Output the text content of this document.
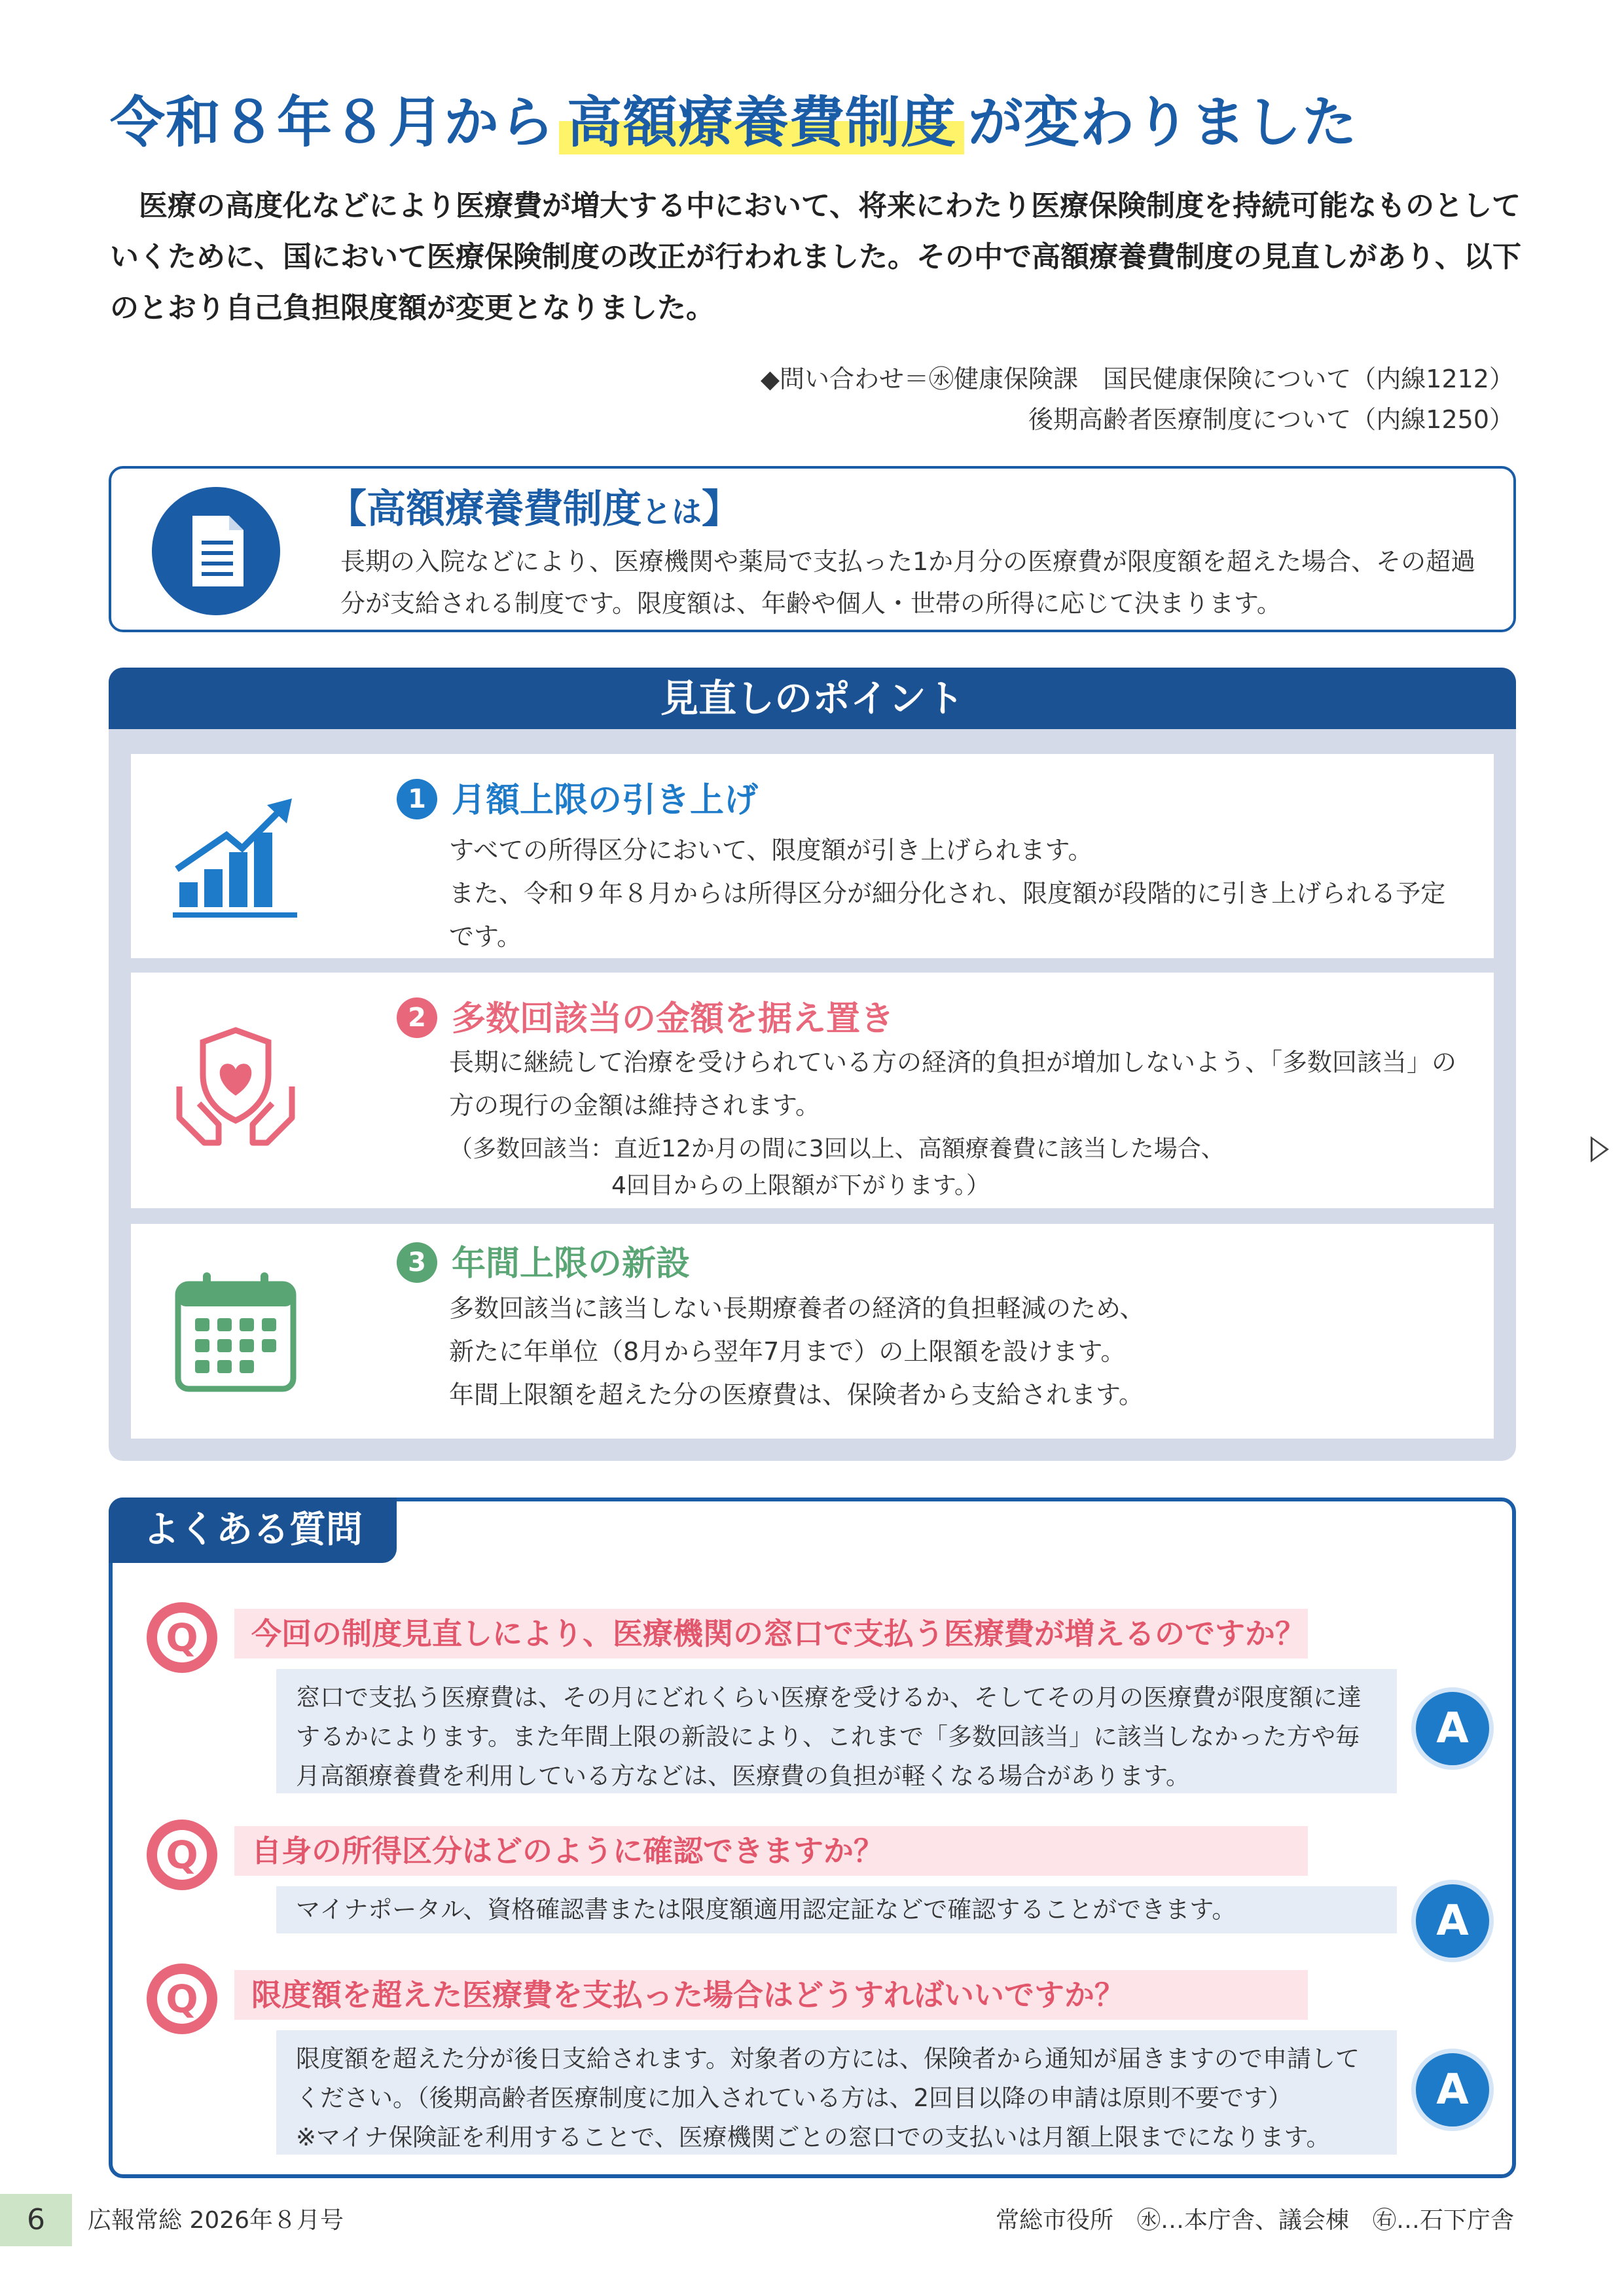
令和８年８月から 高額療養費制度 が変わりました
　医療の高度化などにより医療費が増大する中において、将来にわたり医療保険制度を持続可能なものとしていくために、国において医療保険制度の改正が行われました。その中で高額療養費制度の見直しがあり、以下のとおり自己負担限度額が変更となりました。
◆問い合わせ＝㊌健康保険課　国民健康保険について（内線1212）
後期高齢者医療制度について（内線1250）
【高額療養費制度とは】
長期の入院などにより、医療機関や薬局で支払った1か月分の医療費が限度額を超えた場合、その超過分が支給される制度です。限度額は、年齢や個人・世帯の所得に応じて決まります。
見直しのポイント
1 月額上限の引き上げ
すべての所得区分において、限度額が引き上げられます。
また、令和９年８月からは所得区分が細分化され、限度額が段階的に引き上げられる予定です。
2 多数回該当の金額を据え置き
長期に継続して治療を受けられている方の経済的負担が増加しないよう、「多数回該当」の方の現行の金額は維持されます。
（多数回該当：直近12か月の間に3回以上、高額療養費に該当した場合、
4回目からの上限額が下がります。）
3 年間上限の新設
多数回該当に該当しない長期療養者の経済的負担軽減のため、
新たに年単位（8月から翌年7月まで）の上限額を設けます。
年間上限額を超えた分の医療費は、保険者から支給されます。
よくある質問
Q	今回の制度見直しにより、医療機関の窓口で支払う医療費が増えるのですか？
窓口で支払う医療費は、その月にどれくらい医療を受けるか、そしてその月の医療費が限度額に達するかによります。また年間上限の新設により、これまで「多数回該当」に該当しなかった方や毎月高額療養費を利用している方などは、医療費の負担が軽くなる場合があります。
A
Q	自身の所得区分はどのように確認できますか？
マイナポータル、資格確認書または限度額適用認定証などで確認することができます。	A
Q	限度額を超えた医療費を支払った場合はどうすればいいですか？
限度額を超えた分が後日支給されます。対象者の方には、保険者から通知が届きますので申請してください。（後期高齢者医療制度に加入されている方は、2回目以降の申請は原則不要です）
※マイナ保険証を利用することで、医療機関ごとの窓口での支払いは月額上限までになります。
A
6	広報常総 2026年８月号	常総市役所　㊌…本庁舎、議会棟　㊨…石下庁舎
